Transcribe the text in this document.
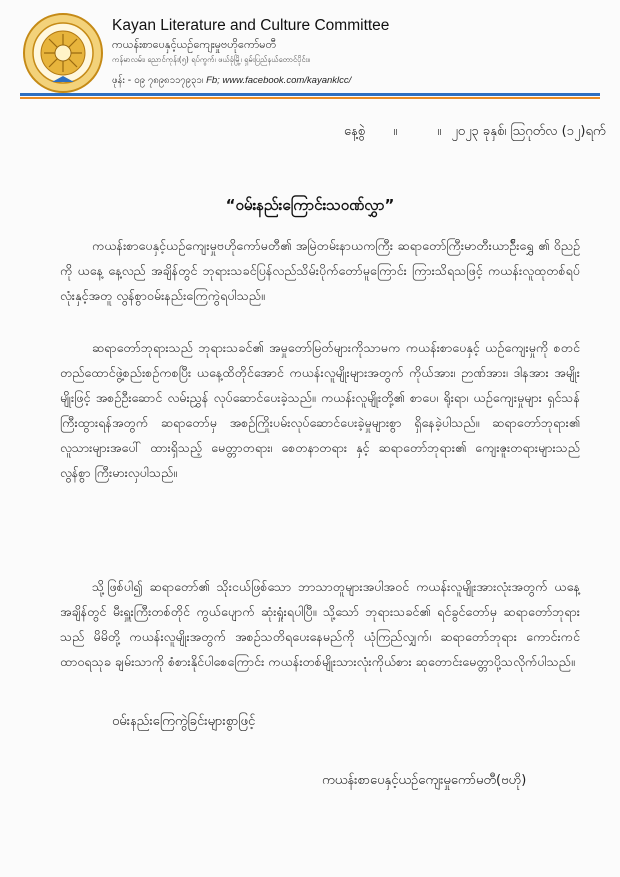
Kayan Literature and Culture Committee
ကယန်းစာပေနှင့်ယဉ်ကျေးမှုဗဟိုကော်မတီ
ကန်မာလမ်း၊ ညောင်ကုန်း(၅) ရပ်ကွက်၊ ဖယ်ခုံမြို့၊ ရှမ်းပြည်နယ်တောင်ပိုင်း။
ဖုန်း - ၀၉ ၇၈၉၈၁၁၇၉၃၁၊ Fb; www.facebook.com/kayanklcc/
နေ့စွဲ ။	။ ၂၀၂၃ ခုနှစ်၊ ဩဂုတ်လ (၁၂)ရက်
“ဝမ်းနည်းကြောင်းသဝဏ်လွှာ”
ကယန်းစာပေနှင့်ယဉ်ကျေးမှုဗဟိုကော်မတီ၏ အမြဲတမ်းနာယကကြီး ဆရာတော်ကြီးမာတီးယာဥ်ီးရွှေ ၏ ဝိညဉ်ကို ယနေ့ နေ့လည် အချိန်တွင် ဘုရားသခင်ပြန်လည်သိမ်းပိုက်တော်မူကြောင်း ကြားသိရသဖြင့် ကယန်းလူထုတစ်ရပ်လုံးနှင့်အတူ လွန်စွာဝမ်းနည်းကြေကွဲရပါသည်။
ဆရာတော်ဘုရားသည် ဘုရားသခင်၏ အမှုတော်မြတ်များကိုသာမက ကယန်းစာပေနှင့် ယဉ်ကျေးမှုကို စတင်တည်ထောင်ဖွဲ့စည်းစဉ်ကစပြီး ယနေ့ထိတိုင်အောင် ကယန်းလူမျိုးများအတွက် ကိုယ်အား၊ ဉာဏ်အား၊ ဒါနအား အမျိုးမျိုးဖြင့် အစဉ်ဦးဆောင် လမ်းညွှန် လုပ်ဆောင်ပေးခဲ့သည်။ ကယန်းလူမျိုးတို့၏ စာပေ၊ ရိုးရာ၊ ယဉ်ကျေးမှုများ ရှင်သန်ကြီးထွားရန်အတွက် ဆရာတော်မှ အစဉ်ကြိုးပမ်းလုပ်ဆောင်ပေးခဲ့မှုများစွာ ရှိနေခဲ့ပါသည်။ ဆရာတော်ဘုရား၏ လူသားများအပေါ် ထားရှိသည့် မေတ္တာတရား၊ စေတနာတရား နှင့် ဆရာတော်ဘုရား၏ ကျေးဇူးတရားများသည် လွန်စွာ ကြီးမားလှပါသည်။
သို့ဖြစ်ပါ၍ ဆရာတော်၏ သိုးငယ်ဖြစ်သော ဘာသာတူများအပါအဝင် ကယန်းလူမျိုးအားလုံးအတွက် ယနေ့အချိန်တွင် မီးရှူးကြီးတစ်တိုင် ကွယ်ပျောက် ဆုံးရှုံးရပါပြီ။ သို့သော် ဘုရားသခင်၏ ရင်ခွင်တော်မှ ဆရာတော်ဘုရားသည် မိမိတို့ ကယန်းလူမျိုးအတွက် အစဉ်သတိရပေးနေမည်ကို ယုံကြည်လျှက်၊ ဆရာတော်ဘုရား ကောင်းကင်ထာဝရသုခ ချမ်းသာကို စံစားနိုင်ပါစေကြောင်း ကယန်းတစ်မျိုးသားလုံးကိုယ်စား ဆုတောင်းမေတ္တာပို့သလိုက်ပါသည်။
ဝမ်းနည်းကြေကွဲခြင်းများစွာဖြင့်
ကယန်းစာပေနှင့်ယဉ်ကျေးမှုကော်မတီ(ဗဟို)
